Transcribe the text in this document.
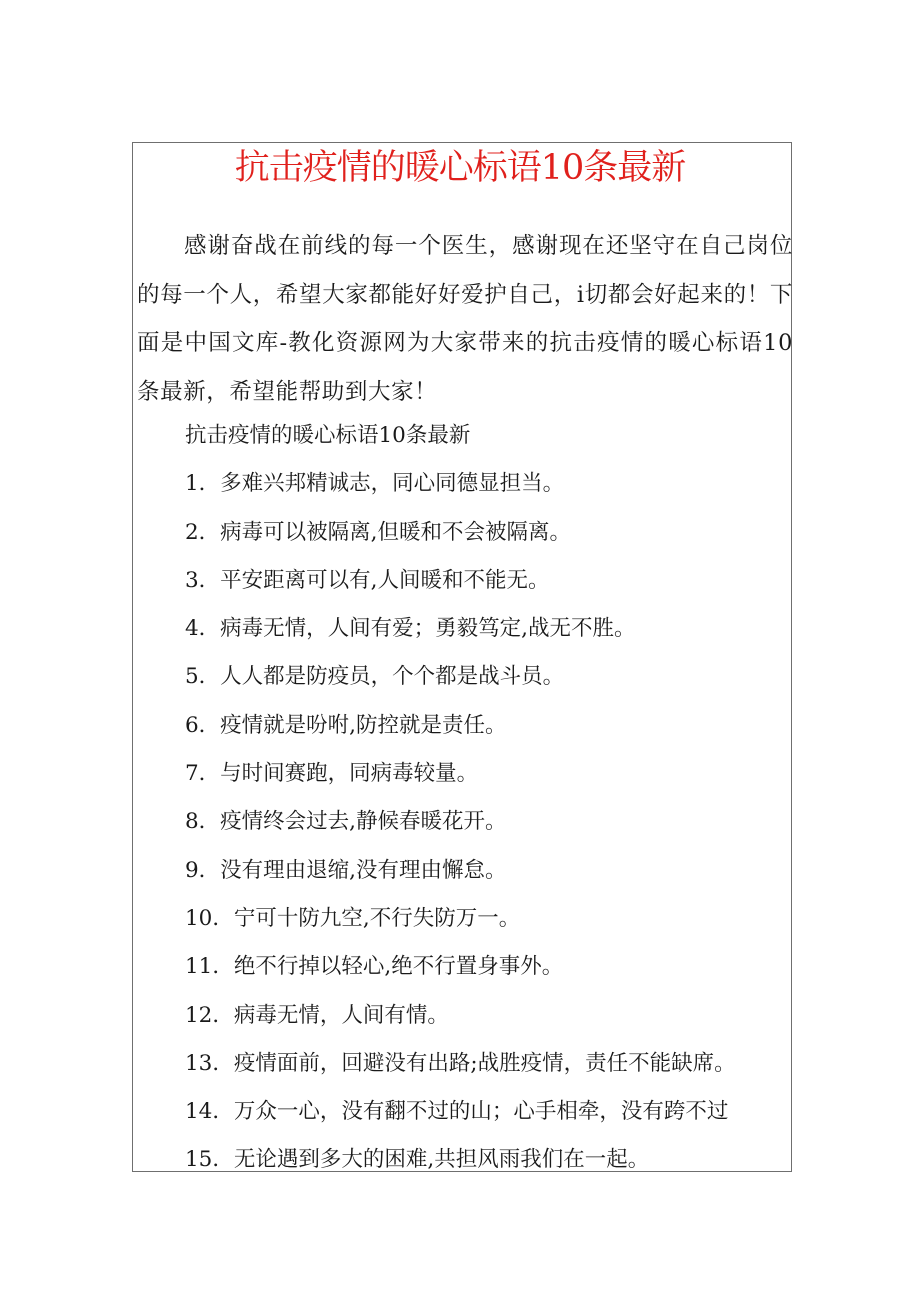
抗击疫情的暖心标语10条最新

感谢奋战在前线的每一个医生，感谢现在还坚守在自己岗位的每一个人，希望大家都能好好爱护自己，i切都会好起来的！下面是中国文库-教化资源网为大家带来的抗击疫情的暖心标语10条最新，希望能帮助到大家！

抗击疫情的暖心标语10条最新
1．多难兴邦精诚志，同心同德显担当。
2．病毒可以被隔离,但暖和不会被隔离。
3．平安距离可以有,人间暖和不能无。
4．病毒无情，人间有爱；勇毅笃定,战无不胜。
5．人人都是防疫员，个个都是战斗员。
6．疫情就是吩咐,防控就是责任。
7．与时间赛跑，同病毒较量。
8．疫情终会过去,静候春暖花开。
9．没有理由退缩,没有理由懈怠。
10．宁可十防九空,不行失防万一。
11．绝不行掉以轻心,绝不行置身事外。
12．病毒无情，人间有情。
13．疫情面前，回避没有出路;战胜疫情，责任不能缺席。
14．万众一心，没有翻不过的山；心手相牵，没有跨不过
15．无论遇到多大的困难,共担风雨我们在一起。
